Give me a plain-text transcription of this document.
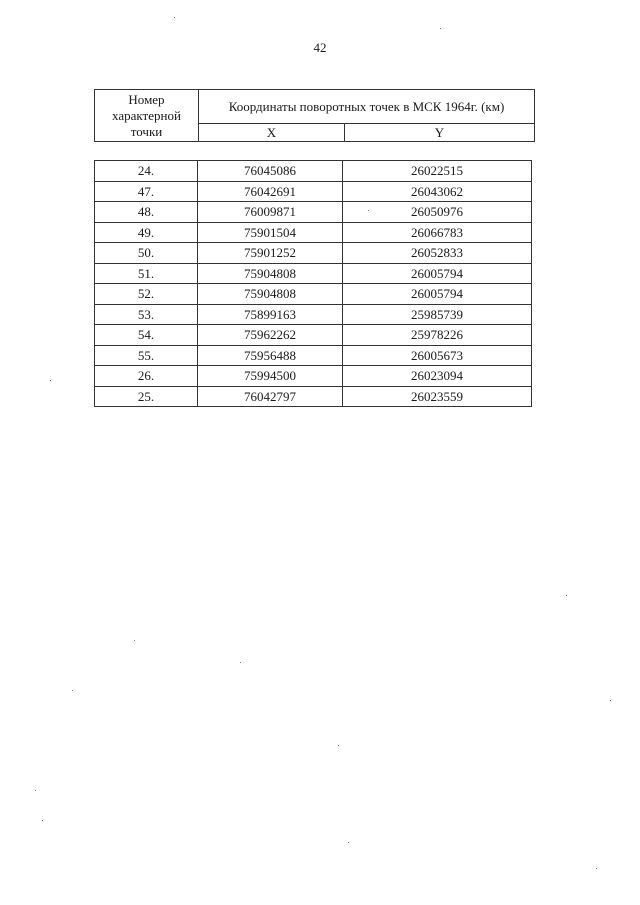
42
Номер характерной точки	Координаты поворотных точек в МСК 1964г. (км)	
	X	Y
24.	76045086	26022515
47.	76042691	26043062
48.	76009871	26050976
49.	75901504	26066783
50.	75901252	26052833
51.	75904808	26005794
52.	75904808	26005794
53.	75899163	25985739
54.	75962262	25978226
55.	75956488	26005673
26.	75994500	26023094
25.	76042797	26023559
